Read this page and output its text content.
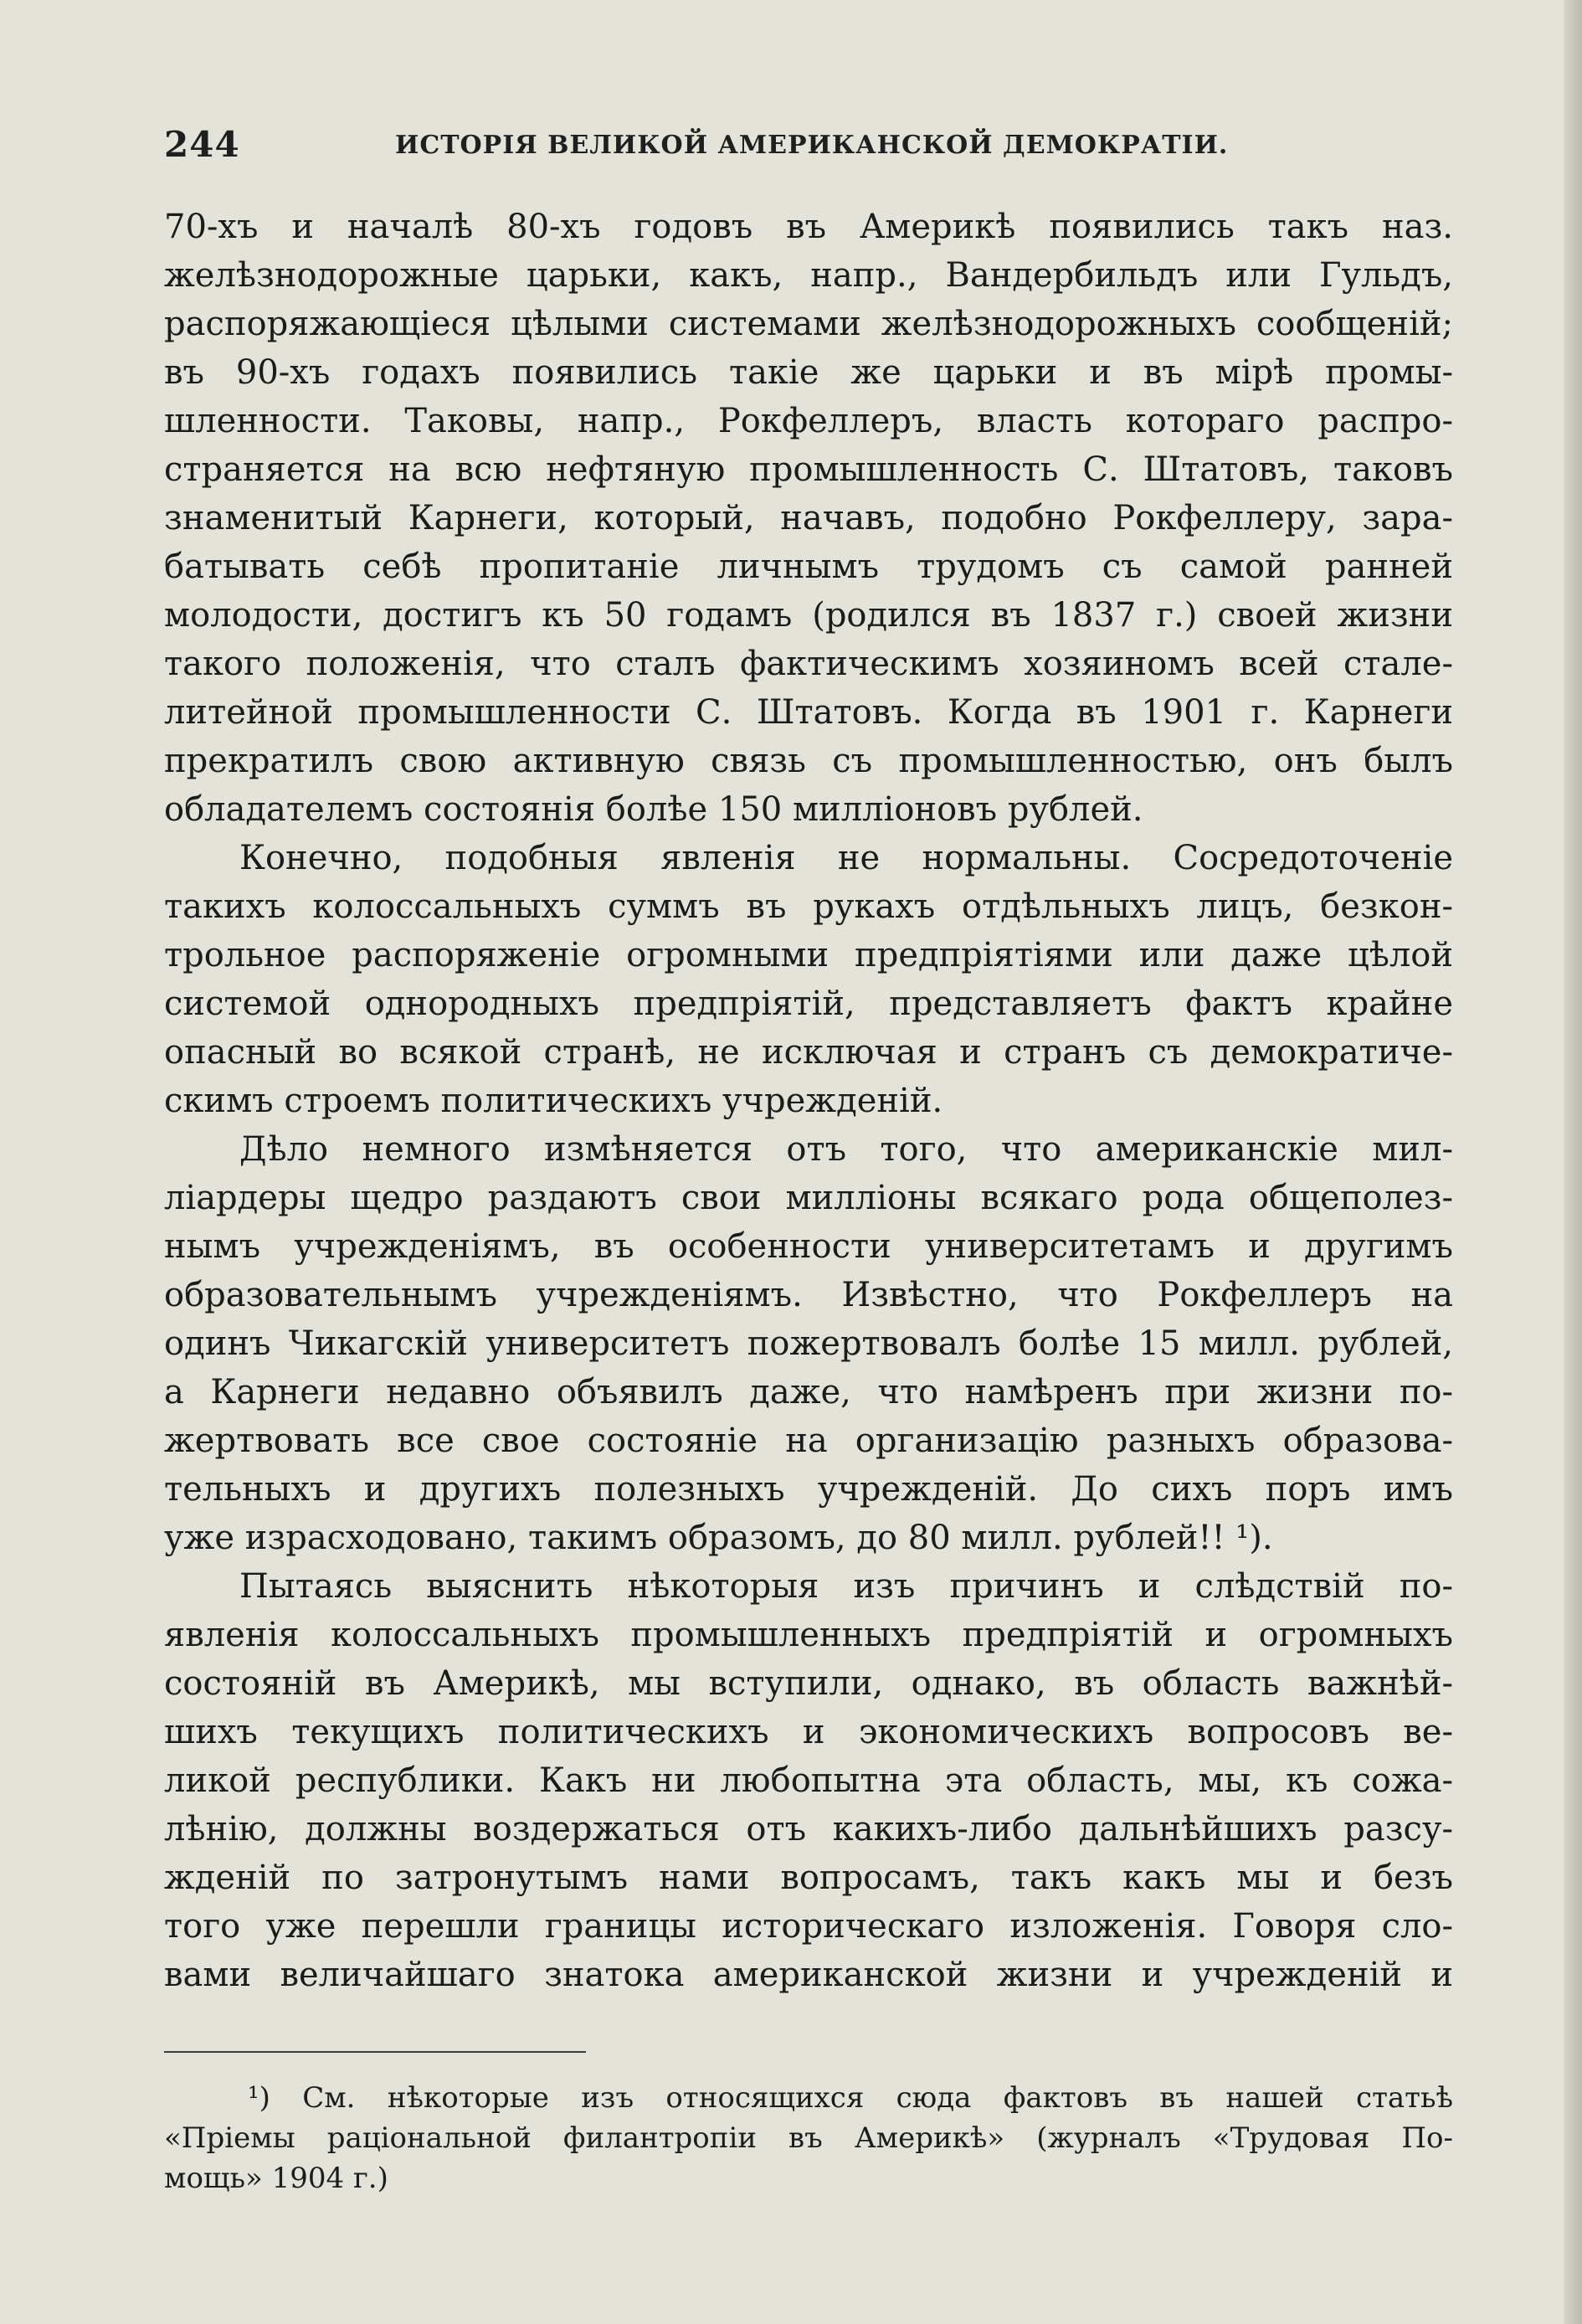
244	ИСТОРІЯ ВЕЛИКОЙ АМЕРИКАНСКОЙ ДЕМОКРАТІИ.
70-хъ и началѣ 80-хъ годовъ въ Америкѣ появились такъ наз.
желѣзнодорожные царьки, какъ, напр., Вандербильдъ или Гульдъ,
распоряжающіеся цѣлыми системами желѣзнодорожныхъ сообщеній;
въ 90-хъ годахъ появились такіе же царьки и въ мірѣ промы-
шленности. Таковы, напр., Рокфеллеръ, власть котораго распро-
страняется на всю нефтяную промышленность С. Штатовъ, таковъ
знаменитый Карнеги, который, начавъ, подобно Рокфеллеру, зара-
батывать себѣ пропитаніе личнымъ трудомъ съ самой ранней
молодости, достигъ къ 50 годамъ (родился въ 1837 г.) своей жизни
такого положенія, что сталъ фактическимъ хозяиномъ всей стале-
литейной промышленности С. Штатовъ. Когда въ 1901 г. Карнеги
прекратилъ свою активную связь съ промышленностью, онъ былъ
обладателемъ состоянія болѣе 150 милліоновъ рублей.
Конечно, подобныя явленія не нормальны. Сосредоточеніе
такихъ колоссальныхъ суммъ въ рукахъ отдѣльныхъ лицъ, безкон-
трольное распоряженіе огромными предпріятіями или даже цѣлой
системой однородныхъ предпріятій, представляетъ фактъ крайне
опасный во всякой странѣ, не исключая и странъ съ демократиче-
скимъ строемъ политическихъ учрежденій.
Дѣло немного измѣняется отъ того, что американскіе мил-
ліардеры щедро раздаютъ свои милліоны всякаго рода общеполез-
нымъ учрежденіямъ, въ особенности университетамъ и другимъ
образовательнымъ учрежденіямъ. Извѣстно, что Рокфеллеръ на
одинъ Чикагскій университетъ пожертвовалъ болѣе 15 милл. рублей,
а Карнеги недавно объявилъ даже, что намѣренъ при жизни по-
жертвовать все свое состояніе на организацію разныхъ образова-
тельныхъ и другихъ полезныхъ учрежденій. До сихъ поръ имъ
уже израсходовано, такимъ образомъ, до 80 милл. рублей!! ¹).
Пытаясь выяснить нѣкоторыя изъ причинъ и слѣдствій по-
явленія колоссальныхъ промышленныхъ предпріятій и огромныхъ
состояній въ Америкѣ, мы вступили, однако, въ область важнѣй-
шихъ текущихъ политическихъ и экономическихъ вопросовъ ве-
ликой республики. Какъ ни любопытна эта область, мы, къ сожа-
лѣнію, должны воздержаться отъ какихъ-либо дальнѣйшихъ разсу-
жденій по затронутымъ нами вопросамъ, такъ какъ мы и безъ
того уже перешли границы историческаго изложенія. Говоря сло-
вами величайшаго знатока американской жизни и учрежденій и
¹) См. нѣкоторые изъ относящихся сюда фактовъ въ нашей статьѣ
«Пріемы раціональной филантропіи въ Америкѣ» (журналъ «Трудовая По-
мощь» 1904 г.)
